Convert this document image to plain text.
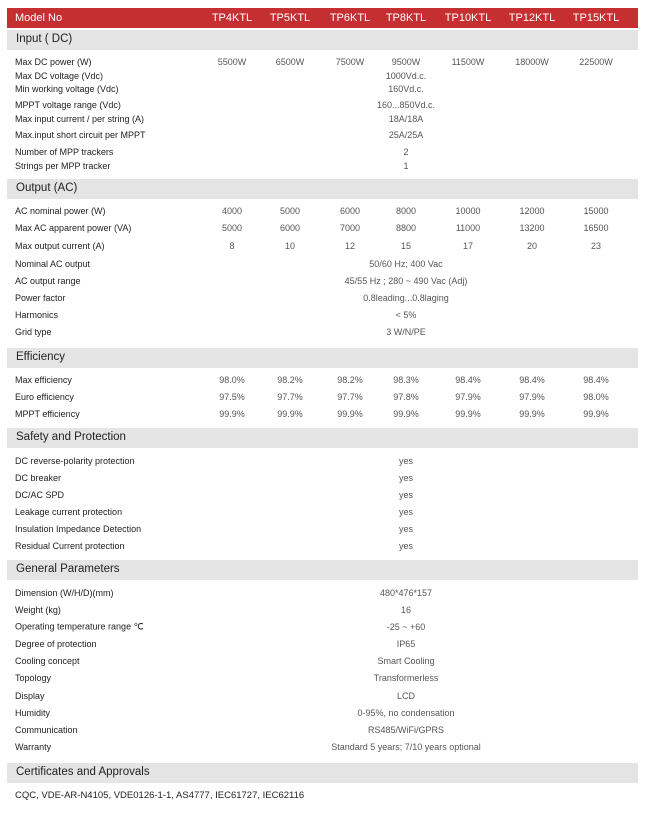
Model No	TP4KTL TP5KTL TP6KTL TP8KTL TP10KTL TP12KTL TP15KTL
Input ( DC)
Max DC power (W)	5500W	6500W	7500W	9500W	11500W	18000W	22500W
Max DC voltage (Vdc)	1000Vd.c.
Min working voltage (Vdc)	160Vd.c.
MPPT voltage range (Vdc)	160...850Vd.c.
Max input current / per string (A)	18A/18A
Max.input short circuit per MPPT	25A/25A
Number of MPP trackers	2
Strings per MPP tracker	1
Output (AC)
AC nominal power (W)	4000	5000	6000	8000	10000	12000	15000
Max AC apparent power (VA)	5000	6000	7000	8800	11000	13200	16500
Max output current (A)	8	10	12	15	17	20	23
Nominal AC output	50/60 Hz; 400 Vac
AC output range	45/55 Hz ; 280 ~ 490 Vac (Adj)
Power factor	0.8leading...0.8laging
Harmonics	< 5%
Grid type	3 W/N/PE
Efficiency
Max efficiency	98.0%	98.2%	98.2%	98.3%	98.4%	98.4%	98.4%
Euro efficiency	97.5%	97.7%	97.7%	97.8%	97.9%	97.9%	98.0%
MPPT efficiency	99.9%	99.9%	99.9%	99.9%	99.9%	99.9%	99.9%
Safety and Protection
DC reverse-polarity protection	yes
DC breaker	yes
DC/AC SPD	yes
Leakage current protection	yes
Insulation Impedance Detection	yes
Residual Current protection	yes
General Parameters
Dimension (W/H/D)(mm)	480*476*157
Weight (kg)	16
Operating temperature range ℃	-25 ~ +60
Degree of protection	IP65
Cooling concept	Smart Cooling
Topology	Transformerless
Display	LCD
Humidity	0-95%, no condensation
Communication	RS485/WiFi/GPRS
Warranty	Standard 5 years; 7/10 years optional
Certificates and Approvals
CQC, VDE-AR-N4105, VDE0126-1-1, AS4777, IEC61727, IEC62116
